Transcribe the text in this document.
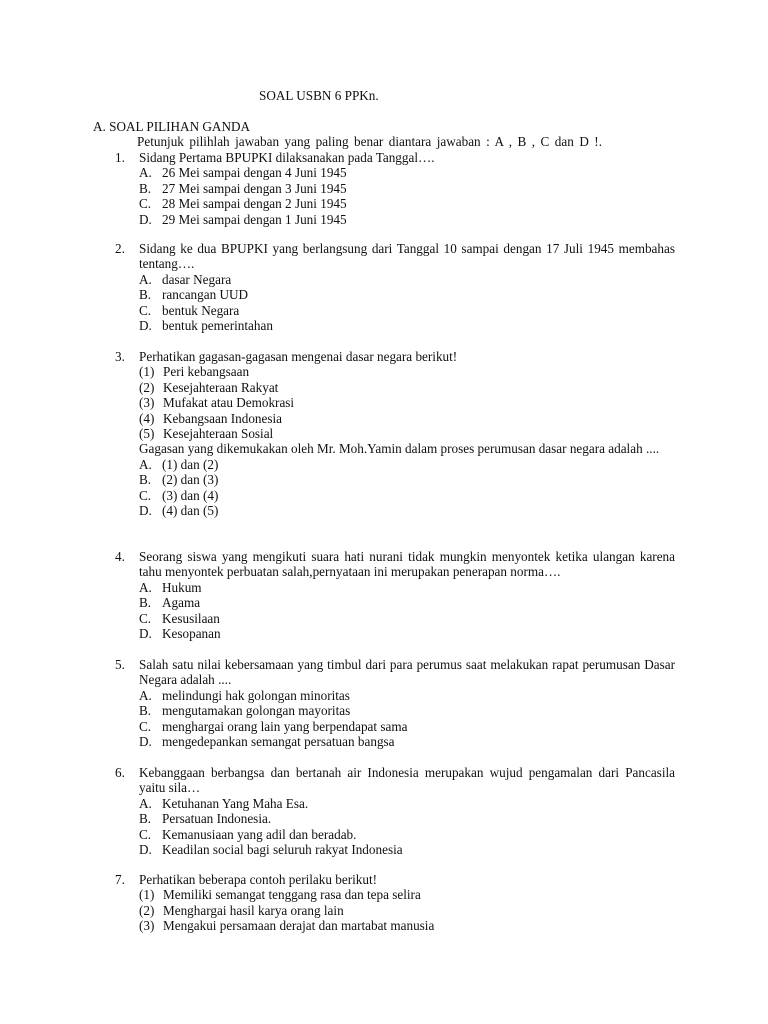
SOAL USBN 6 PPKn.
A. SOAL PILIHAN GANDA
Petunjuk pilihlah jawaban yang paling benar diantara jawaban : A , B , C dan D !.
1. Sidang Pertama BPUPKI dilaksanakan pada Tanggal….
A. 26 Mei sampai dengan 4 Juni 1945
B. 27 Mei sampai dengan 3 Juni 1945
C. 28 Mei sampai dengan 2 Juni 1945
D. 29 Mei sampai dengan 1 Juni 1945
2. Sidang ke dua BPUPKI yang berlangsung dari Tanggal 10 sampai dengan 17 Juli 1945 membahas tentang….
A. dasar Negara
B. rancangan UUD
C. bentuk Negara
D. bentuk pemerintahan
3. Perhatikan gagasan-gagasan mengenai dasar negara berikut!
(1) Peri kebangsaan
(2) Kesejahteraan Rakyat
(3) Mufakat atau Demokrasi
(4) Kebangsaan Indonesia
(5) Kesejahteraan Sosial
Gagasan yang dikemukakan oleh Mr. Moh.Yamin dalam proses perumusan dasar negara adalah ....
A. (1) dan (2)
B. (2) dan (3)
C. (3) dan (4)
D. (4) dan (5)
4. Seorang siswa yang mengikuti suara hati nurani tidak mungkin menyontek ketika ulangan karena tahu menyontek perbuatan salah,pernyataan ini merupakan penerapan norma….
A. Hukum
B. Agama
C. Kesusilaan
D. Kesopanan
5. Salah satu nilai kebersamaan yang timbul dari para perumus saat melakukan rapat perumusan Dasar Negara adalah ....
A. melindungi hak golongan minoritas
B. mengutamakan golongan mayoritas
C. menghargai orang lain yang berpendapat sama
D. mengedepankan semangat persatuan bangsa
6. Kebanggaan berbangsa dan bertanah air Indonesia merupakan wujud pengamalan dari Pancasila yaitu sila…
A. Ketuhanan Yang Maha Esa.
B. Persatuan Indonesia.
C. Kemanusiaan yang adil dan beradab.
D. Keadilan social bagi seluruh rakyat Indonesia
7. Perhatikan beberapa contoh perilaku berikut!
(1) Memiliki semangat tenggang rasa dan tepa selira
(2) Menghargai hasil karya orang lain
(3) Mengakui persamaan derajat dan martabat manusia
